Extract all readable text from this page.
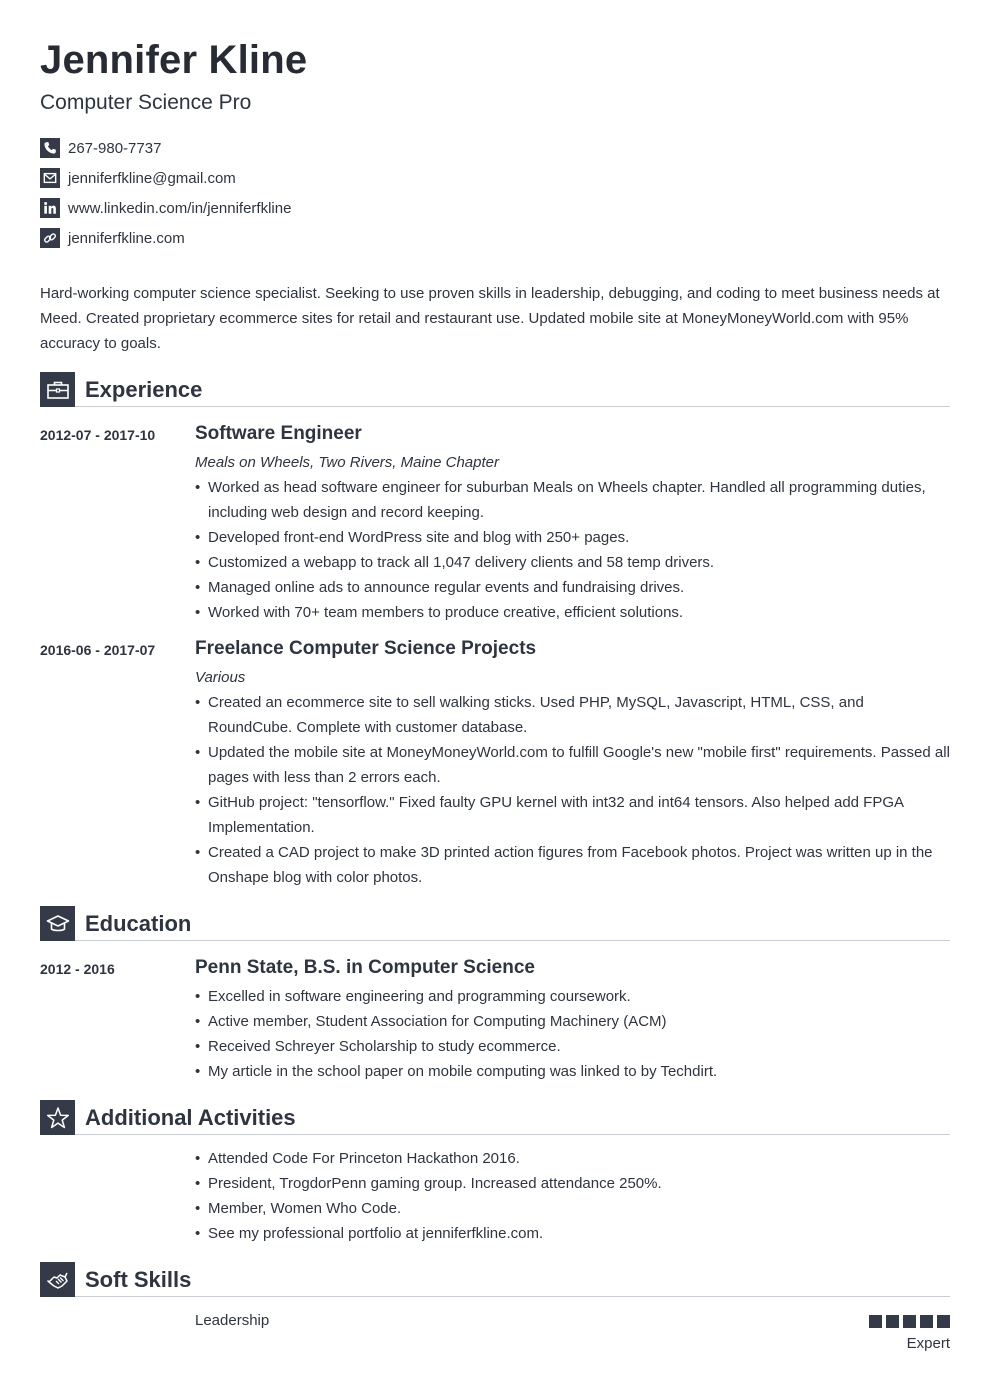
Jennifer Kline
Computer Science Pro
267-980-7737
jenniferfkline@gmail.com
www.linkedin.com/in/jenniferfkline
jenniferfkline.com
Hard-working computer science specialist. Seeking to use proven skills in leadership, debugging, and coding to meet business needs at Meed. Created proprietary ecommerce sites for retail and restaurant use. Updated mobile site at MoneyMoneyWorld.com with 95% accuracy to goals.
Experience
2012-07 - 2017-10 Software Engineer
Meals on Wheels, Two Rivers, Maine Chapter
• Worked as head software engineer for suburban Meals on Wheels chapter. Handled all programming duties, including web design and record keeping.
• Developed front-end WordPress site and blog with 250+ pages.
• Customized a webapp to track all 1,047 delivery clients and 58 temp drivers.
• Managed online ads to announce regular events and fundraising drives.
• Worked with 70+ team members to produce creative, efficient solutions.
2016-06 - 2017-07 Freelance Computer Science Projects
Various
• Created an ecommerce site to sell walking sticks. Used PHP, MySQL, Javascript, HTML, CSS, and RoundCube. Complete with customer database.
• Updated the mobile site at MoneyMoneyWorld.com to fulfill Google's new "mobile first" requirements. Passed all pages with less than 2 errors each.
• GitHub project: "tensorflow." Fixed faulty GPU kernel with int32 and int64 tensors. Also helped add FPGA Implementation.
• Created a CAD project to make 3D printed action figures from Facebook photos. Project was written up in the Onshape blog with color photos.
Education
2012 - 2016	Penn State, B.S. in Computer Science
• Excelled in software engineering and programming coursework.
• Active member, Student Association for Computing Machinery (ACM)
• Received Schreyer Scholarship to study ecommerce.
• My article in the school paper on mobile computing was linked to by Techdirt.
Additional Activities
• Attended Code For Princeton Hackathon 2016.
• President, TrogdorPenn gaming group. Increased attendance 250%.
• Member, Women Who Code.
• See my professional portfolio at jenniferfkline.com.
Soft Skills
Leadership
Expert
